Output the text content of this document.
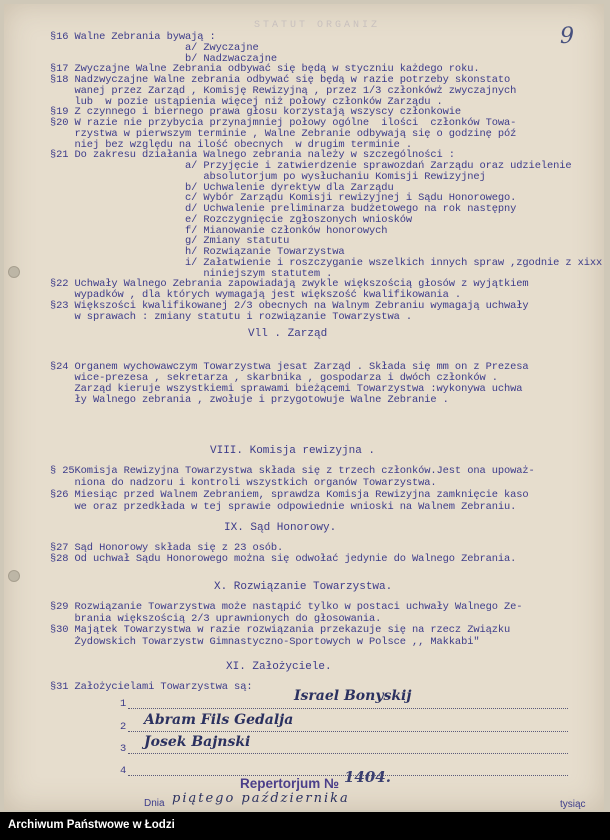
STATUT ORGANIZ	9
§16 Walne Zebrania bywają :
a/ Zwyczajne
b/ Nadzwaczajne
§17 Zwyczajne Walne Zebrania odbywać się będą w styczniu każdego roku.
§18 Nadzwyczajne Walne zebrania odbywać się będą w razie potrzeby skonstato
wanej przez Zarząd , Komisję Rewizyjną , przez 1/3 członkówż zwyczajnych
lub  w pozie ustąpienia więcej niż połowy członków Zarządu .
§19 Z czynnego i biernego prawa głosu korzystają wszyscy członkowie
§20 W razie nie przybycia przynajmniej połowy ogólne  ilości  członków Towa-
rzystwa w pierwszym terminie , Walne Zebranie odbywają się o godzinę póź
niej bez względu na ilość obecnych  w drugim terminie .
§21 Do zakresu działania Walnego zebrania należy w szczególności :
a/ Przyjęcie i zatwierdzenie sprawozdań Zarządu oraz udzielenie
absolutorjum po wysłuchaniu Komisji Rewizyjnej
b/ Uchwalenie dyrektyw dla Zarządu
c/ Wybór Zarządu Komisji rewizyjnej i Sądu Honorowego.
d/ Uchwalenie preliminarza budżetowego na rok następny
e/ Rozczygnięcie zgłoszonych wniosków
f/ Mianowanie członków honorowych
g/ Zmiany statutu
h/ Rozwiązanie Towarzystwa
i/ Załatwienie i roszczyganie wszelkich innych spraw ,zgodnie z xixx
niniejszym statutem .
§22 Uchwały Walnego Zebrania zapowiadają zwykle większością głosów z wyjątkiem
wypadków , dla których wymagają jest większość kwalifikowania .
§23 Większości kwalifikowanej 2/3 obecnych na Walnym Zebraniu wymagają uchwały
w sprawach : zmiany statutu i rozwiązanie Towarzystwa .
Vll . Zarząd
§24 Organem wychowawczym Towarzystwa jesat Zarząd . Składa się mm on z Prezesa
wice-prezesa , sekretarza , skarbnika , gospodarza i dwóch członków .
Zarząd kieruje wszystkiemi sprawami bieżącemi Towarzystwa :wykonywa uchwa
ły Walnego zebrania , zwołuje i przygotowuje Walne Zebranie .
VIII. Komisja rewizyjna .
§ 25Komisja Rewizyjna Towarzystwa składa się z trzech członków.Jest ona upoważ-
niona do nadzoru i kontroli wszystkich organów Towarzystwa.
§26 Miesiąc przed Walnem Zebraniem, sprawdza Komisja Rewizyjna zamknięcie kaso
we oraz przedkłada w tej sprawie odpowiednie wnioski na Walnem Zebraniu.
IX. Sąd Honorowy.
§27 Sąd Honorowy składa się z 23 osób.
§28 Od uchwał Sądu Honorowego można się odwołać jedynie do Walnego Zebrania.
X. Rozwiązanie Towarzystwa.
§29 Rozwiązanie Towarzystwa może nastąpić tylko w postaci uchwały Walnego Ze-
brania większością 2/3 uprawnionych do głosowania.
§30 Majątek Towarzystwa w razie rozwiązania przekazuje się na rzecz Związku
Żydowskich Towarzystw Gimnastyczno-Sportowych w Polsce ,, Makkabi"
XI. Założyciele.
§31 Założycielami Towarzystwa są:
1	Israel Bonyskij
2 Abram Fils Gedalja
3 Josek Bajnski
4
Repertorjum № 1404.
Dnia piątego października	tysiąc
Archiwum Państwowe w Łodzi
